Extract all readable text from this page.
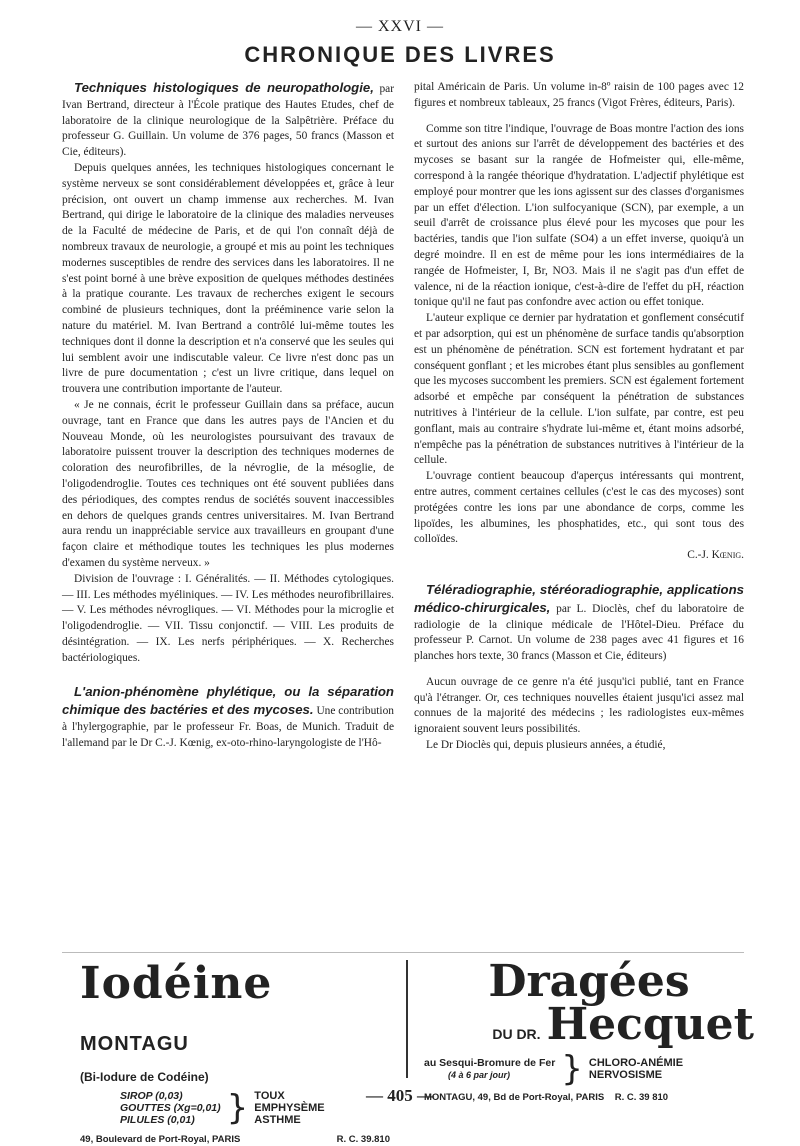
— XXVI —
CHRONIQUE DES LIVRES

Techniques histologiques de neuropathologie, par Ivan Bertrand, directeur à l'École pratique des Hautes Etudes, chef de laboratoire de la clinique neurologique de la Salpêtrière. Préface du professeur G. Guillain. Un volume de 376 pages, 50 francs (Masson et Cie, éditeurs).

Depuis quelques années, les techniques histologiques concernant le système nerveux se sont considérablement développées et, grâce à leur précision, ont ouvert un champ immense aux recherches. M. Ivan Bertrand, qui dirige le laboratoire de la clinique des maladies nerveuses de la Faculté de médecine de Paris, et de qui l'on connaît déjà de nombreux travaux de neurologie, a groupé et mis au point les techniques modernes susceptibles de rendre des services dans les laboratoires. Il ne s'est point borné à une brève exposition de quelques méthodes destinées à la pratique courante. Les travaux de recherches exigent le secours combiné de plusieurs techniques, dont la prééminence varie selon la nature du matériel. M. Ivan Bertrand a contrôlé lui-même toutes les techniques dont il donne la description et n'a conservé que les seules qui lui semblent avoir une indiscutable valeur. Ce livre n'est donc pas un livre de pure documentation ; c'est un livre critique, dans lequel on trouvera une contribution importante de l'auteur.

« Je ne connais, écrit le professeur Guillain dans sa préface, aucun ouvrage, tant en France que dans les autres pays de l'Ancien et du Nouveau Monde, où les neurologistes poursuivant des travaux de laboratoire puissent trouver la description des techniques modernes de coloration des neurofibrilles, de la névroglie, de la mésoglie, de l'oligodendroglie. Toutes ces techniques ont été souvent publiées dans des périodiques, des comptes rendus de sociétés souvent inaccessibles en dehors de quelques grands centres universitaires. M. Ivan Bertrand aura rendu un inappréciable service aux travailleurs en groupant d'une façon claire et méthodique toutes les techniques les plus modernes d'examen du système nerveux. »

Division de l'ouvrage : I. Généralités. — II. Méthodes cytologiques. — III. Les méthodes myéliniques. — IV. Les méthodes neurofibrillaires. — V. Les méthodes névrogliques. — VI. Méthodes pour la microglie et l'oligodendroglie. — VII. Tissu conjonctif. — VIII. Les produits de désintégration. — IX. Les nerfs périphériques. — X. Recherches bactériologiques.

L'anion-phénomène phylétique, ou la séparation chimique des bactéries et des mycoses. Une contribution à l'hylergographie, par le professeur Fr. Boas, de Munich. Traduit de l'allemand par le Dr C.-J. Kœnig, ex-oto-rhino-laryngologiste de l'Hô-

pital Américain de Paris. Un volume in-8º raisin de 100 pages avec 12 figures et nombreux tableaux, 25 francs (Vigot Frères, éditeurs, Paris).

Comme son titre l'indique, l'ouvrage de Boas montre l'action des ions et surtout des anions sur l'arrêt de développement des bactéries et des mycoses se basant sur la rangée de Hofmeister qui, elle-même, correspond à la rangée théorique d'hydratation. L'adjectif phylétique est employé pour montrer que les ions agissent sur des classes d'organismes par un effet d'élection. L'ion sulfocyanique (SCN), par exemple, a un seuil d'arrêt de croissance plus élevé pour les mycoses que pour les bactéries, tandis que l'ion sulfate (SO4) a un effet inverse, quoiqu'à un degré moindre. Il en est de même pour les ions intermédiaires de la rangée de Hofmeister, I, Br, NO3. Mais il ne s'agit pas d'un effet de valence, ni de la réaction ionique, c'est-à-dire de l'effet du pH, réaction tonique qu'il ne faut pas confondre avec action ou effet tonique.

L'auteur explique ce dernier par hydratation et gonflement consécutif et par adsorption, qui est un phénomène de surface tandis qu'absorption est un phénomène de pénétration. SCN est fortement hydratant et par conséquent gonflant ; et les microbes étant plus sensibles au gonflement que les mycoses succombent les premiers. SCN est également fortement adsorbé et empêche par conséquent la pénétration de substances nutritives à l'intérieur de la cellule. L'ion sulfate, par contre, est peu gonflant, mais au contraire s'hydrate lui-même et, étant moins adsorbé, n'empêche pas la pénétration de substances nutritives à l'intérieur de la cellule.

L'ouvrage contient beaucoup d'aperçus intéressants qui montrent, entre autres, comment certaines cellules (c'est le cas des mycoses) sont protégées contre les ions par une abondance de corps, comme les lipoïdes, les albumines, les phosphatides, etc., qui sont tous des colloïdes.

C.-J. Kœnig.

Téléradiographie, stéréoradiographie, applications médico-chirurgicales, par L. Dioclès, chef du laboratoire de radiologie de la clinique médicale de l'Hôtel-Dieu. Préface du professeur P. Carnot. Un volume de 238 pages avec 41 figures et 16 planches hors texte, 30 francs (Masson et Cie, éditeurs)

Aucun ouvrage de ce genre n'a été jusqu'ici publié, tant en France qu'à l'étranger. Or, ces techniques nouvelles étaient jusqu'ici assez mal connues de la majorité des médecins ; les radiologistes eux-mêmes ignoraient souvent leurs possibilités.

Le Dr Dioclès qui, depuis plusieurs années, a étudié,

Iodéine MONTAGU
(Bi-Iodure de Codéine)
SIROP (0,03)
GOUTTES (Xg=0,01)
PILULES (0,01) } TOUX
EMPHYSÈME
ASTHME
49, Boulevard de Port-Royal, PARIS	R. C. 39.810
Dragées
DU DR. Hecquet
au Sesqui-Bromure de Fer
(4 à 6 par jour)	} CHLORO-ANÉMIE
NERVOSISME
MONTAGU, 49, Bd de Port-Royal, PARIS R. C. 39 810
— 405 —
